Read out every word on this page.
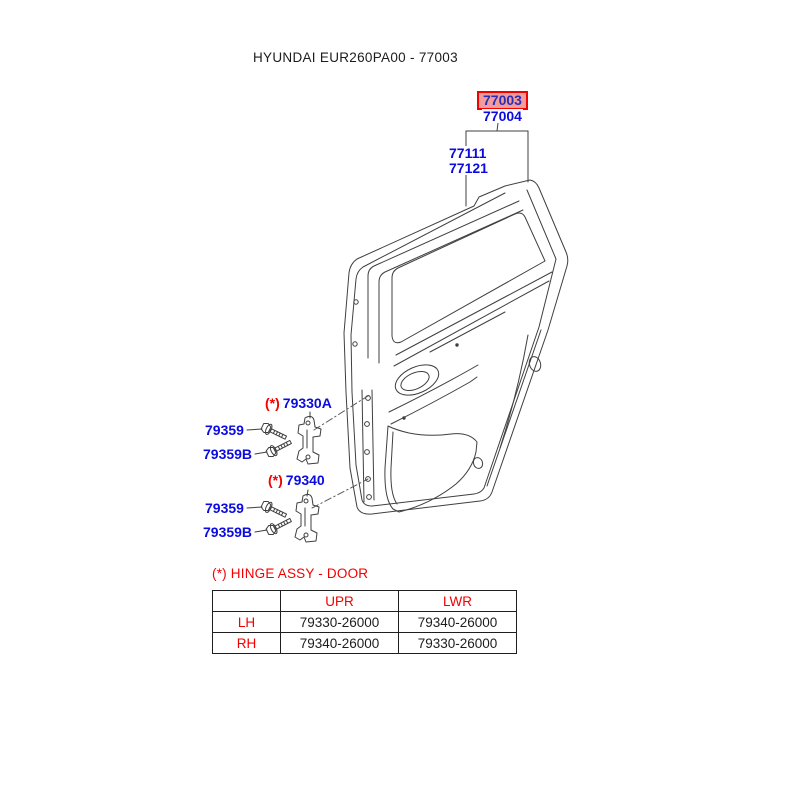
HYUNDAI EUR260PA00 - 77003
77003
77004
77111
77121
(*) 79330A
79359
79359B
(*) 79340
79359
79359B
(*) HINGE ASSY - DOOR
	UPR	LWR
LH	79330-26000	79340-26000
RH	79340-26000	79330-26000
